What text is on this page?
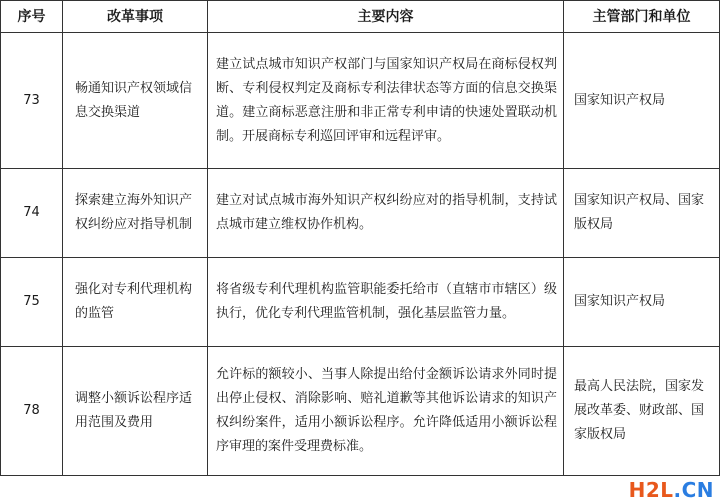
序号	改革事项	主要内容	主管部门和单位
73	畅通知识产权领域信息交换渠道	建立试点城市知识产权部门与国家知识产权局在商标侵权判断、专利侵权判定及商标专利法律状态等方面的信息交换渠道。建立商标恶意注册和非正常专利申请的快速处置联动机制。开展商标专利巡回评审和远程评审。	国家知识产权局
74	探索建立海外知识产权纠纷应对指导机制	建立对试点城市海外知识产权纠纷应对的指导机制，支持试点城市建立维权协作机构。	国家知识产权局、国家版权局
75	强化对专利代理机构的监管	将省级专利代理机构监管职能委托给市（直辖市市辖区）级执行，优化专利代理监管机制，强化基层监管力量。	国家知识产权局
78	调整小额诉讼程序适用范围及费用	允许标的额较小、当事人除提出给付金额诉讼请求外同时提出停止侵权、消除影响、赔礼道歉等其他诉讼请求的知识产权纠纷案件，适用小额诉讼程序。允许降低适用小额诉讼程序审理的案件受理费标准。	最高人民法院，国家发展改革委、财政部、国家版权局
H2L.CN
